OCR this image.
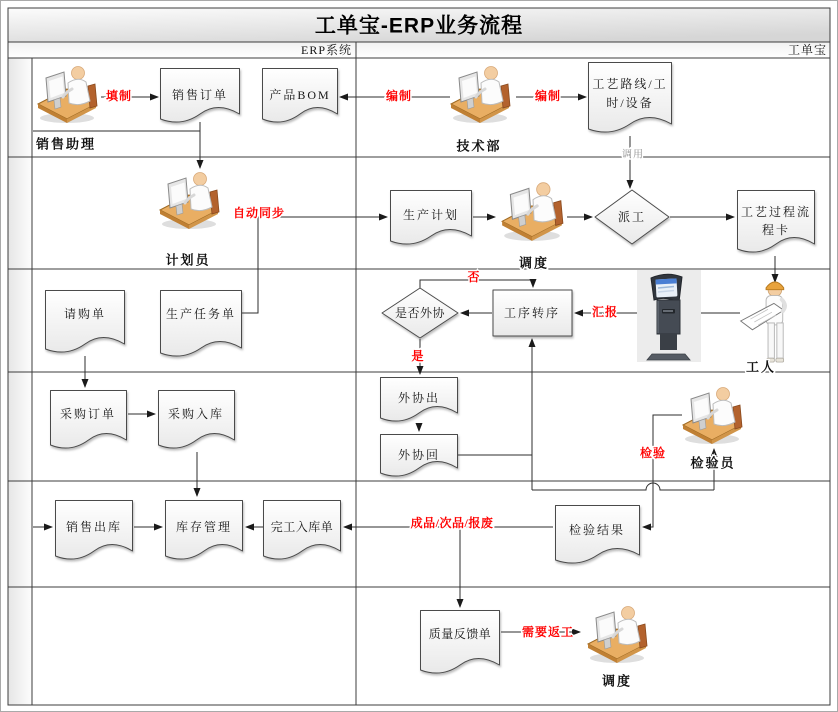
工单宝-ERP业务流程
ERP系统	工单宝
销售订单	产品BOM
工艺路线/工
时/设备
生产计划	派工	工艺过程流
程卡
请购单	生产任务单	是否外协	工序转序
外协出
外协回
采购订单	采购入库
销售出库	库存管理	完工入库单	检验结果
质量反馈单
销售助理	技术部
计划员	调度
工人
检验员
调度
填制	编制	编制
自动同步
调用
否
是
汇报
检验
成品/次品/报废
需要返工
